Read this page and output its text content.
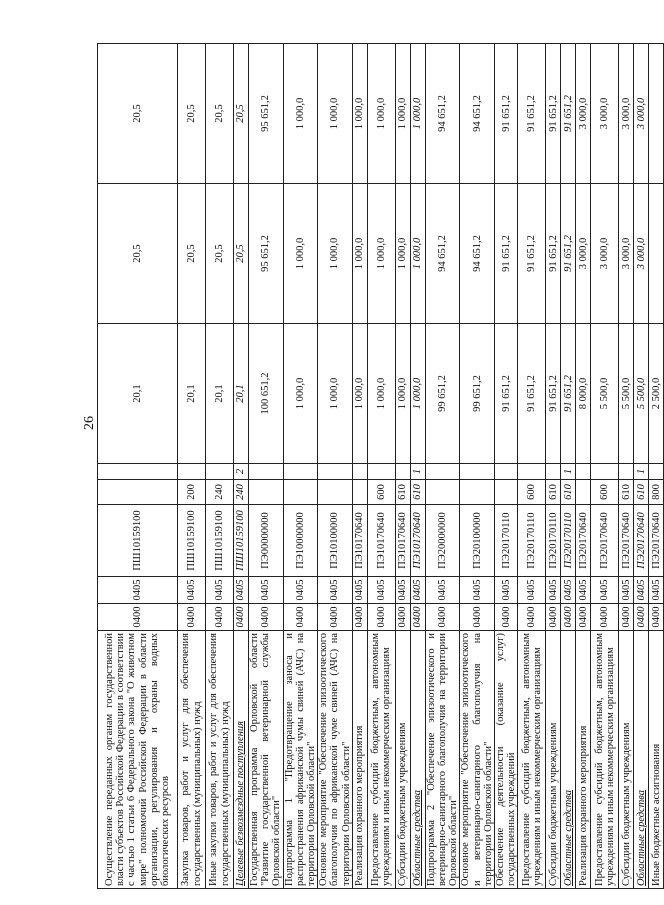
26
Осуществление переданных органам государственной власти субъектов Российской Федерации в соответствии с частью 1 статьи 6 Федерального закона "О животном мире" полномочий Российской Федерации в области организации, регулирования и охраны водных биологических ресурсов	0400	0405	ПШ10159100			20,1	20,5	20,5
Закупка товаров, работ и услуг для обеспечения государственных (муниципальных) нужд	0400	0405	ПШ10159100	200		20,1	20,5	20,5
Иные закупки товаров, работ и услуг для обеспечения государственных (муниципальных) нужд	0400	0405	ПШ10159100	240		20,1	20,5	20,5
Целевые безвозмездные поступления	0400	0405	ПШ10159100	240	2	20,1	20,5	20,5
Государственная программа Орловской области "Развитие государственной ветеринарной службы Орловской области"	0400	0405	ПЭ00000000			100 651,2	95 651,2	95 651,2
Подпрограмма 1 "Предотвращение заноса и распространения африканской чумы свиней (АЧС) на территории Орловской области"	0400	0405	ПЭ10000000			1 000,0	1 000,0	1 000,0
Основное мероприятие "Обеспечение эпизоотического благополучия по африканской чуме свиней (АЧС) на территории Орловской области"	0400	0405	ПЭ10100000			1 000,0	1 000,0	1 000,0
Реализация охранного мероприятия	0400	0405	ПЭ10170640			1 000,0	1 000,0	1 000,0
Предоставление субсидий бюджетным, автономным учреждениям и иным некоммерческим организациям	0400	0405	ПЭ10170640	600		1 000,0	1 000,0	1 000,0
Субсидии бюджетным учреждениям	0400	0405	ПЭ10170640	610		1 000,0	1 000,0	1 000,0
Областные средства	0400	0405	ПЭ10170640	610	1	1 000,0	1 000,0	1 000,0
Подпрограмма 2 "Обеспечение эпизоотического и ветеринарно-санитарного благополучия на территории Орловской области"	0400	0405	ПЭ20000000			99 651,2	94 651,2	94 651,2
Основное мероприятие "Обеспечение эпизоотического и ветеринарно-санитарного благополучия на территории Орловской области"	0400	0405	ПЭ20100000			99 651,2	94 651,2	94 651,2
Обеспечение деятельности (оказание услуг) государственных учреждений	0400	0405	ПЭ20170110			91 651,2	91 651,2	91 651,2
Предоставление субсидий бюджетным, автономным учреждениям и иным некоммерческим организациям	0400	0405	ПЭ20170110	600		91 651,2	91 651,2	91 651,2
Субсидии бюджетным учреждениям	0400	0405	ПЭ20170110	610		91 651,2	91 651,2	91 651,2
Областные средства	0400	0405	ПЭ20170110	610	1	91 651,2	91 651,2	91 651,2
Реализация охранного мероприятия	0400	0405	ПЭ20170640			8 000,0	3 000,0	3 000,0
Предоставление субсидий бюджетным, автономным учреждениям и иным некоммерческим организациям	0400	0405	ПЭ20170640	600		5 500,0	3 000,0	3 000,0
Субсидии бюджетным учреждениям	0400	0405	ПЭ20170640	610		5 500,0	3 000,0	3 000,0
Областные средства	0400	0405	ПЭ20170640	610	1	5 500,0	3 000,0	3 000,0
Иные бюджетные ассигнования	0400	0405	ПЭ20170640	800		2 500,0		
